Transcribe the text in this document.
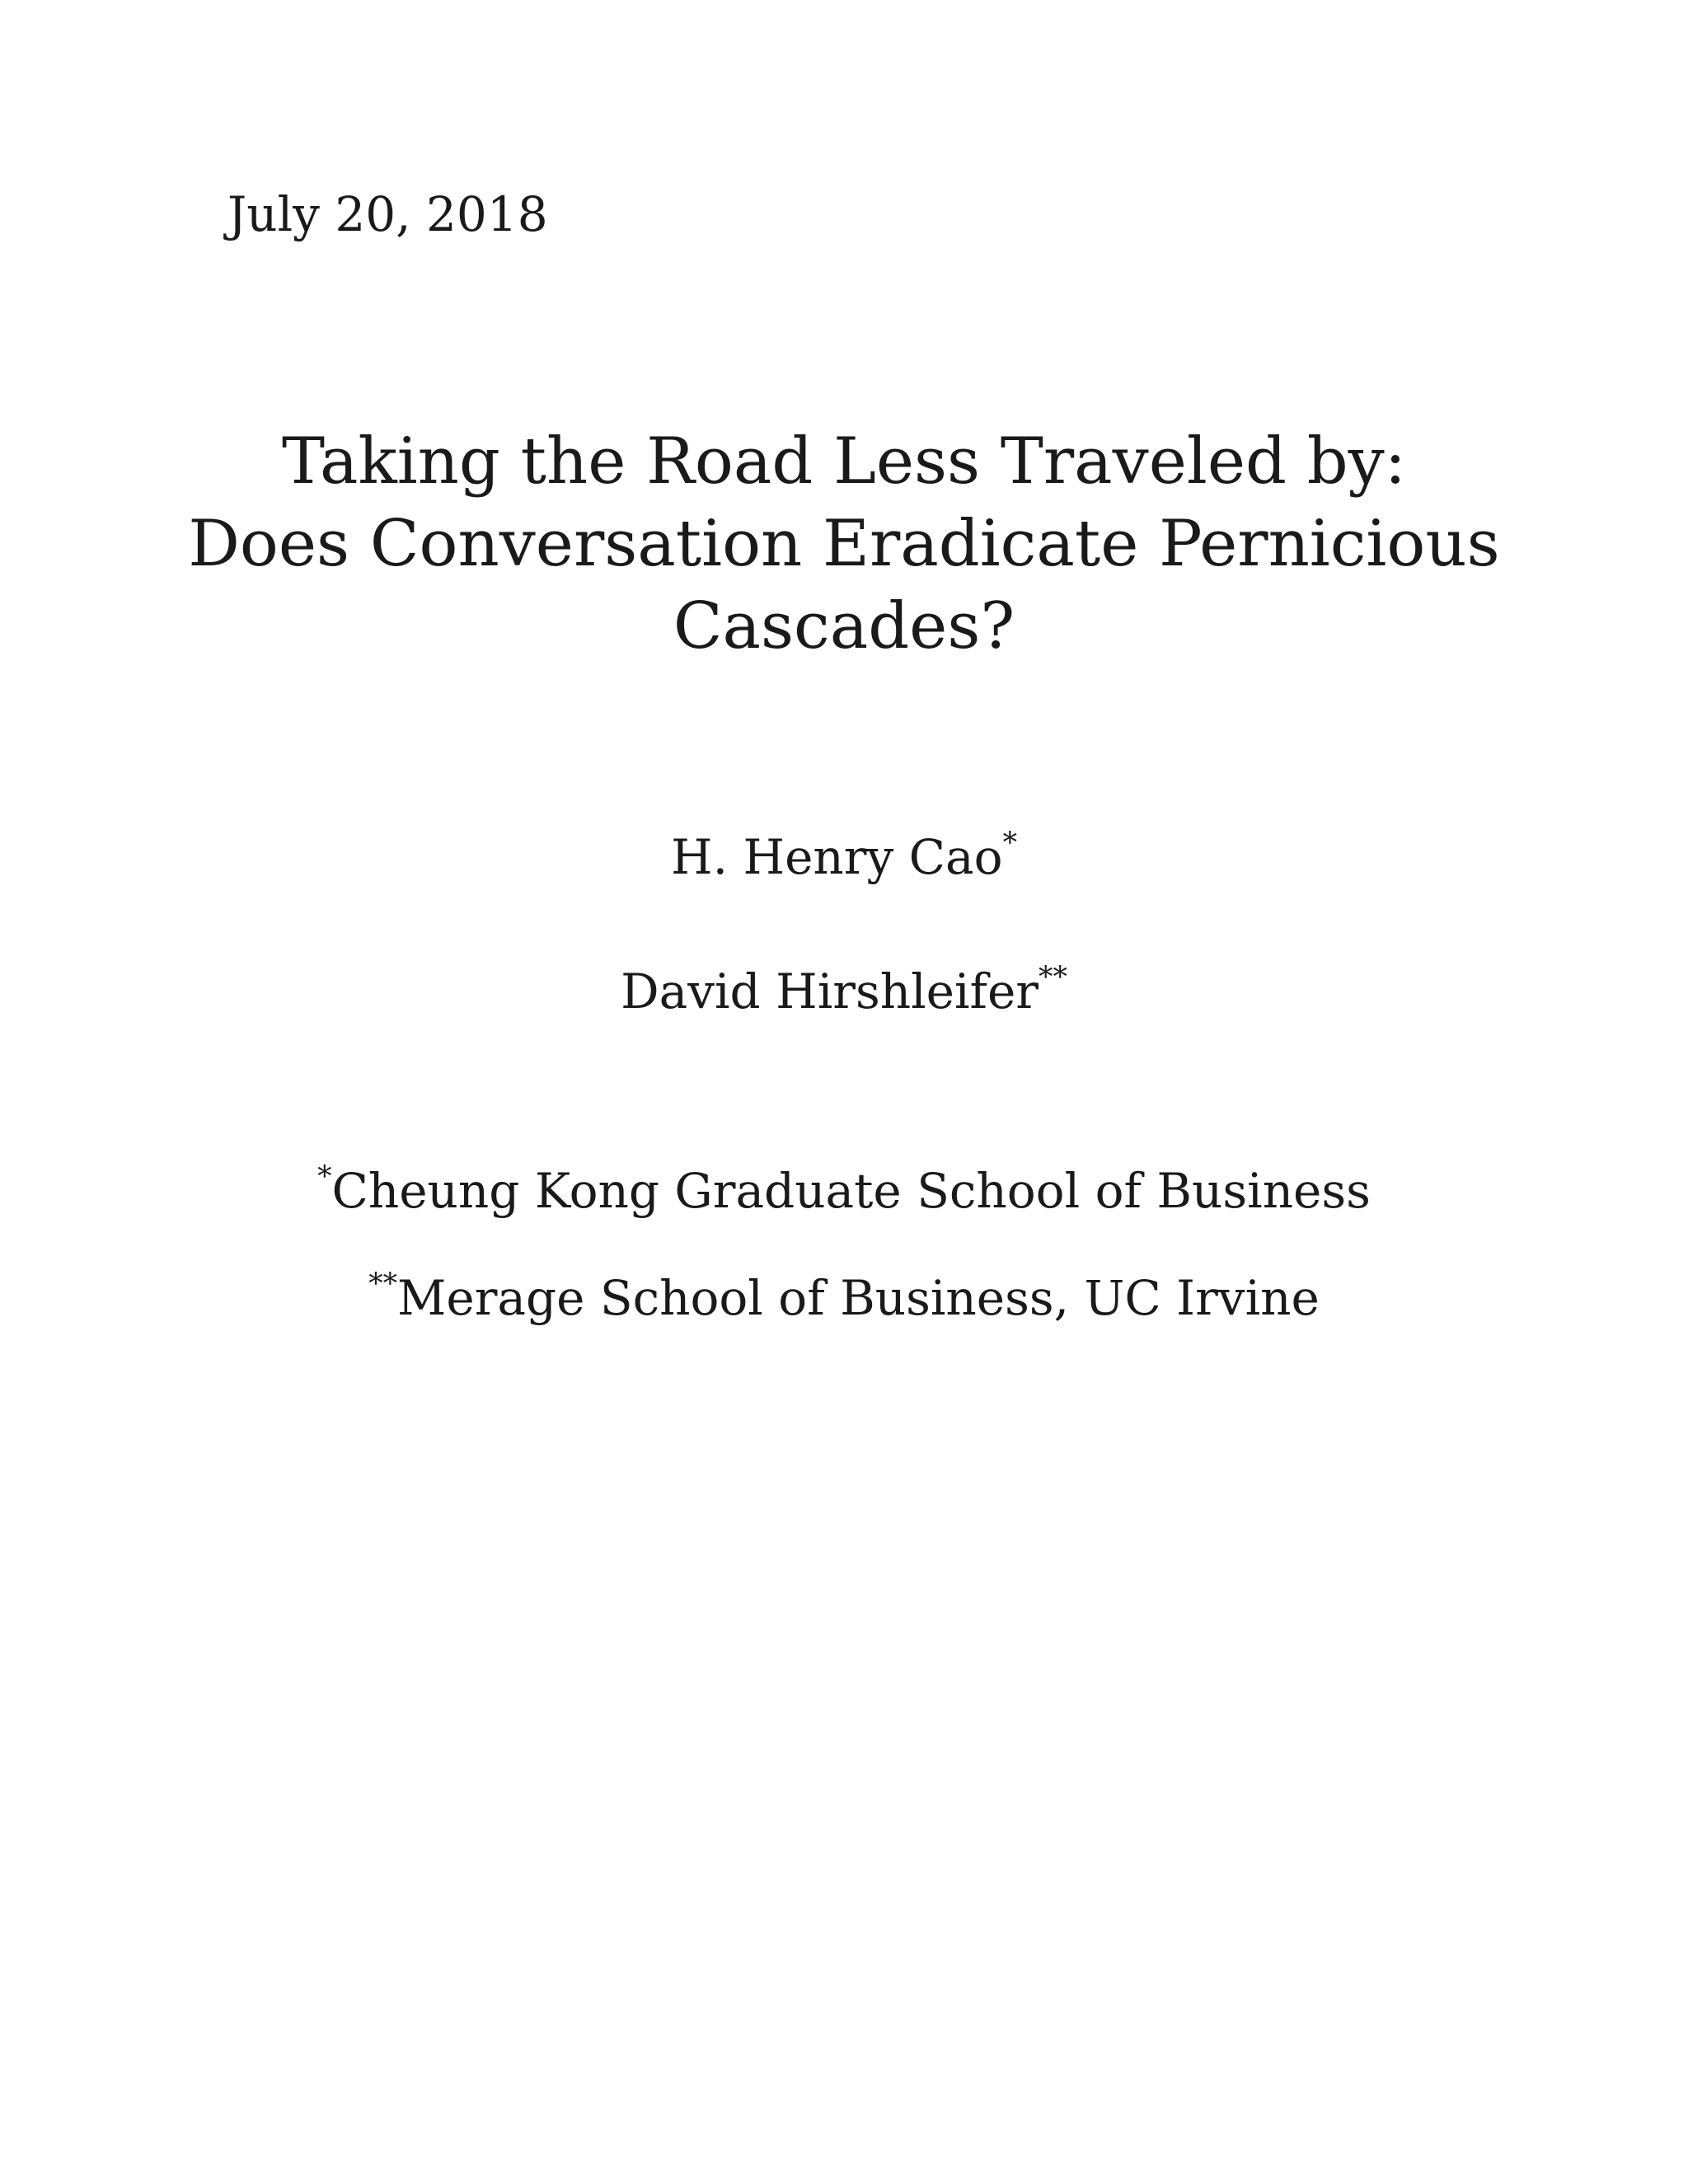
July 20, 2018
Taking the Road Less Traveled by:
Does Conversation Eradicate Pernicious
Cascades?
H. Henry Cao*
David Hirshleifer**
*Cheung Kong Graduate School of Business
**Merage School of Business, UC Irvine
